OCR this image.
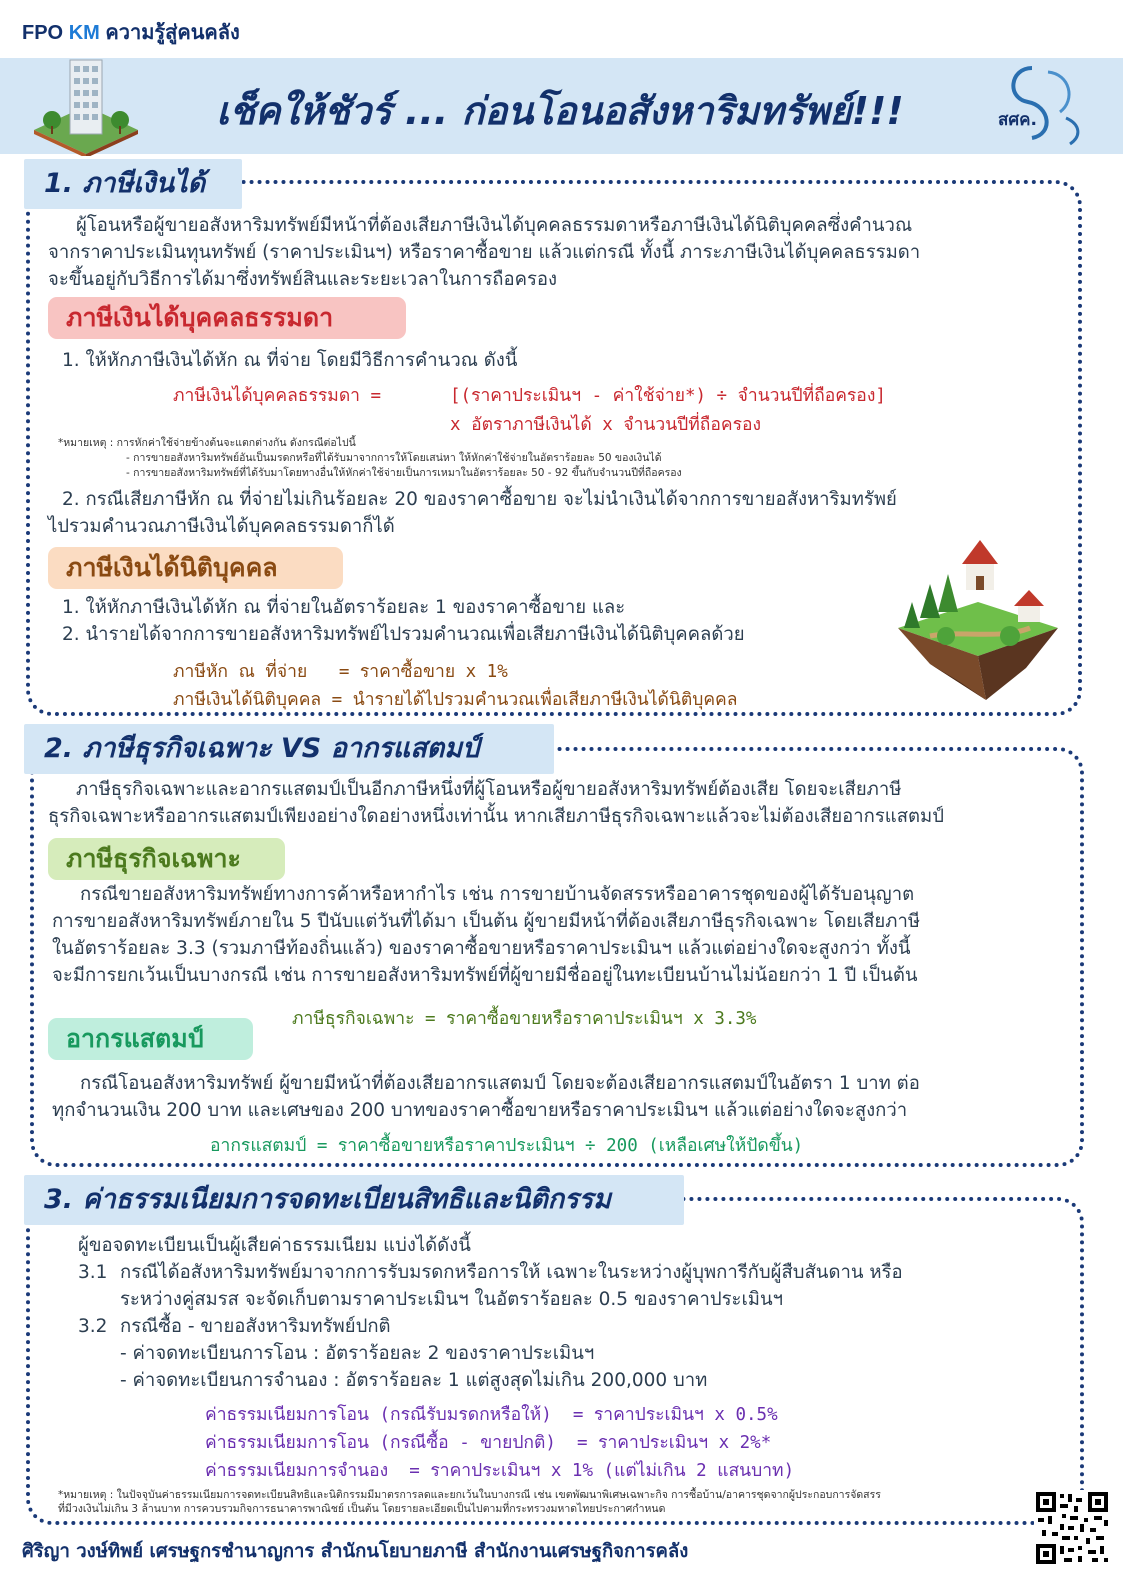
FPO KM ความรู้สู่คนคลัง
เช็คให้ชัวร์ ... ก่อนโอนอสังหาริมทรัพย์!!!	สศค.
1. ภาษีเงินได้
ผู้โอนหรือผู้ขายอสังหาริมทรัพย์มีหน้าที่ต้องเสียภาษีเงินได้บุคคลธรรมดาหรือภาษีเงินได้นิติบุคคลซึ่งคำนวณ
จากราคาประเมินทุนทรัพย์ (ราคาประเมินฯ) หรือราคาซื้อขาย แล้วแต่กรณี ทั้งนี้ ภาระภาษีเงินได้บุคคลธรรมดา
จะขึ้นอยู่กับวิธีการได้มาซึ่งทรัพย์สินและระยะเวลาในการถือครอง
ภาษีเงินได้บุคคลธรรมดา
1. ให้หักภาษีเงินได้หัก ณ ที่จ่าย โดยมีวิธีการคำนวณ ดังนี้
ภาษีเงินได้บุคคลธรรมดา =	[(ราคาประเมินฯ - ค่าใช้จ่าย*) ÷ จำนวนปีที่ถือครอง]
x อัตราภาษีเงินได้ x จำนวนปีที่ถือครอง
*หมายเหตุ : การหักค่าใช้จ่ายข้างต้นจะแตกต่างกัน ดังกรณีต่อไปนี้
- การขายอสังหาริมทรัพย์อันเป็นมรดกหรือที่ได้รับมาจากการให้โดยเสน่หา ให้หักค่าใช้จ่ายในอัตราร้อยละ 50 ของเงินได้
- การขายอสังหาริมทรัพย์ที่ได้รับมาโดยทางอื่นให้หักค่าใช้จ่ายเป็นการเหมาในอัตราร้อยละ 50 - 92 ขึ้นกับจำนวนปีที่ถือครอง
2. กรณีเสียภาษีหัก ณ ที่จ่ายไม่เกินร้อยละ 20 ของราคาซื้อขาย จะไม่นำเงินได้จากการขายอสังหาริมทรัพย์
ไปรวมคำนวณภาษีเงินได้บุคคลธรรมดาก็ได้
ภาษีเงินได้นิติบุคคล
1. ให้หักภาษีเงินได้หัก ณ ที่จ่ายในอัตราร้อยละ 1 ของราคาซื้อขาย และ
2. นำรายได้จากการขายอสังหาริมทรัพย์ไปรวมคำนวณเพื่อเสียภาษีเงินได้นิติบุคคลด้วย
ภาษีหัก ณ ที่จ่าย   = ราคาซื้อขาย x 1%
ภาษีเงินได้นิติบุคคล = นำรายได้ไปรวมคำนวณเพื่อเสียภาษีเงินได้นิติบุคคล
2. ภาษีธุรกิจเฉพาะ VS อากรแสตมป์
ภาษีธุรกิจเฉพาะและอากรแสตมป์เป็นอีกภาษีหนึ่งที่ผู้โอนหรือผู้ขายอสังหาริมทรัพย์ต้องเสีย โดยจะเสียภาษี
ธุรกิจเฉพาะหรืออากรแสตมป์เพียงอย่างใดอย่างหนึ่งเท่านั้น หากเสียภาษีธุรกิจเฉพาะแล้วจะไม่ต้องเสียอากรแสตมป์
ภาษีธุรกิจเฉพาะ
กรณีขายอสังหาริมทรัพย์ทางการค้าหรือหากำไร เช่น การขายบ้านจัดสรรหรืออาคารชุดของผู้ได้รับอนุญาต
การขายอสังหาริมทรัพย์ภายใน 5 ปีนับแต่วันที่ได้มา เป็นต้น ผู้ขายมีหน้าที่ต้องเสียภาษีธุรกิจเฉพาะ โดยเสียภาษี
ในอัตราร้อยละ 3.3 (รวมภาษีท้องถิ่นแล้ว) ของราคาซื้อขายหรือราคาประเมินฯ แล้วแต่อย่างใดจะสูงกว่า ทั้งนี้
จะมีการยกเว้นเป็นบางกรณี เช่น การขายอสังหาริมทรัพย์ที่ผู้ขายมีชื่ออยู่ในทะเบียนบ้านไม่น้อยกว่า 1 ปี เป็นต้น
ภาษีธุรกิจเฉพาะ = ราคาซื้อขายหรือราคาประเมินฯ x 3.3%
อากรแสตมป์
กรณีโอนอสังหาริมทรัพย์ ผู้ขายมีหน้าที่ต้องเสียอากรแสตมป์ โดยจะต้องเสียอากรแสตมป์ในอัตรา 1 บาท ต่อ
ทุกจำนวนเงิน 200 บาท และเศษของ 200 บาทของราคาซื้อขายหรือราคาประเมินฯ แล้วแต่อย่างใดจะสูงกว่า
อากรแสตมป์ = ราคาซื้อขายหรือราคาประเมินฯ ÷ 200 (เหลือเศษให้ปัดขึ้น)
3. ค่าธรรมเนียมการจดทะเบียนสิทธิและนิติกรรม
ผู้ขอจดทะเบียนเป็นผู้เสียค่าธรรมเนียม แบ่งได้ดังนี้
3.1 กรณีได้อสังหาริมทรัพย์มาจากการรับมรดกหรือการให้ เฉพาะในระหว่างผู้บุพการีกับผู้สืบสันดาน หรือ
ระหว่างคู่สมรส จะจัดเก็บตามราคาประเมินฯ ในอัตราร้อยละ 0.5 ของราคาประเมินฯ
3.2 กรณีซื้อ - ขายอสังหาริมทรัพย์ปกติ
- ค่าจดทะเบียนการโอน : อัตราร้อยละ 2 ของราคาประเมินฯ
- ค่าจดทะเบียนการจำนอง : อัตราร้อยละ 1 แต่สูงสุดไม่เกิน 200,000 บาท
ค่าธรรมเนียมการโอน (กรณีรับมรดกหรือให้)  = ราคาประเมินฯ x 0.5%
ค่าธรรมเนียมการโอน (กรณีซื้อ - ขายปกติ)  = ราคาประเมินฯ x 2%*
ค่าธรรมเนียมการจำนอง  = ราคาประเมินฯ x 1% (แต่ไม่เกิน 2 แสนบาท)
*หมายเหตุ : ในปัจจุบันค่าธรรมเนียมการจดทะเบียนสิทธิและนิติกรรมมีมาตรการลดและยกเว้นในบางกรณี เช่น เขตพัฒนาพิเศษเฉพาะกิจ การซื้อบ้าน/อาคารชุดจากผู้ประกอบการจัดสรร
ที่มีวงเงินไม่เกิน 3 ล้านบาท การควบรวมกิจการธนาคารพาณิชย์ เป็นต้น โดยรายละเอียดเป็นไปตามที่กระทรวงมหาดไทยประกาศกำหนด
ศิริญา วงษ์ทิพย์ เศรษฐกรชำนาญการ สำนักนโยบายภาษี สำนักงานเศรษฐกิจการคลัง
